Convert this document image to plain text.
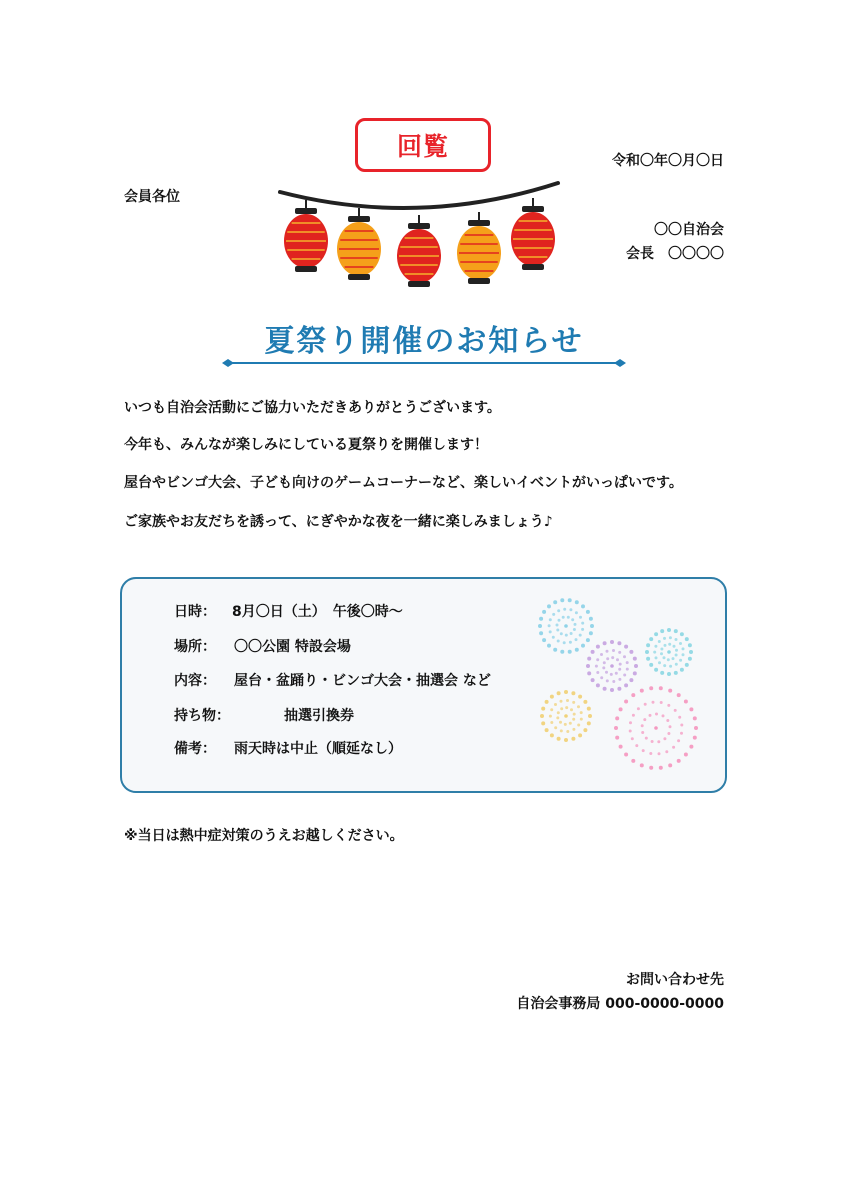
回覧	令和〇年〇月〇日
会員各位
〇〇自治会
会長　〇〇〇〇
夏祭り開催のお知らせ
いつも自治会活動にご協力いただきありがとうございます。
今年も、みんなが楽しみにしている夏祭りを開催します！
屋台やビンゴ大会、子ども向けのゲームコーナーなど、楽しいイベントがいっぱいです。
ご家族やお友だちを誘って、にぎやかな夜を一緒に楽しみましょう♪
日時： 8月〇日（土）　午後〇時～
場所： 〇〇公園 特設会場
内容： 屋台・盆踊り・ビンゴ大会・抽選会 など
持ち物：	抽選引換券
備考： 雨天時は中止（順延なし）
※当日は熱中症対策のうえお越しください。
お問い合わせ先
自治会事務局 000-0000-0000
